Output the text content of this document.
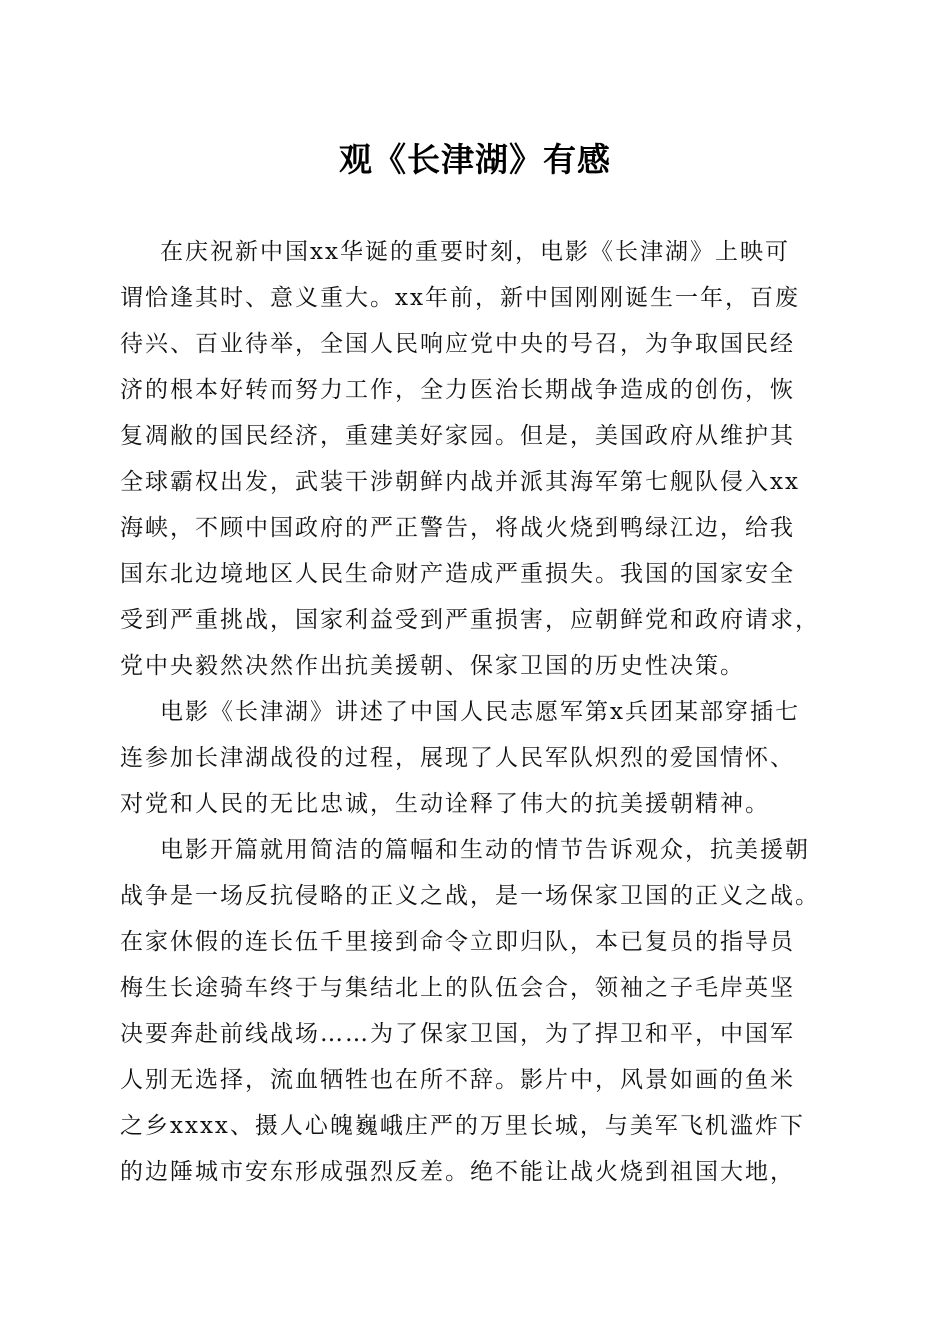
观《长津湖》有感
在庆祝新中国xx华诞的重要时刻，电影《长津湖》上映可
谓恰逢其时、意义重大。xx年前，新中国刚刚诞生一年，百废
待兴、百业待举，全国人民响应党中央的号召，为争取国民经
济的根本好转而努力工作，全力医治长期战争造成的创伤，恢
复凋敝的国民经济，重建美好家园。但是，美国政府从维护其
全球霸权出发，武装干涉朝鲜内战并派其海军第七舰队侵入xx
海峡，不顾中国政府的严正警告，将战火烧到鸭绿江边，给我
国东北边境地区人民生命财产造成严重损失。我国的国家安全
受到严重挑战，国家利益受到严重损害，应朝鲜党和政府请求，
党中央毅然决然作出抗美援朝、保家卫国的历史性决策。
电影《长津湖》讲述了中国人民志愿军第x兵团某部穿插七
连参加长津湖战役的过程，展现了人民军队炽烈的爱国情怀、
对党和人民的无比忠诚，生动诠释了伟大的抗美援朝精神。
电影开篇就用简洁的篇幅和生动的情节告诉观众，抗美援朝
战争是一场反抗侵略的正义之战，是一场保家卫国的正义之战。
在家休假的连长伍千里接到命令立即归队，本已复员的指导员
梅生长途骑车终于与集结北上的队伍会合，领袖之子毛岸英坚
决要奔赴前线战场……为了保家卫国，为了捍卫和平，中国军
人别无选择，流血牺牲也在所不辞。影片中，风景如画的鱼米
之乡xxxx、摄人心魄巍峨庄严的万里长城，与美军飞机滥炸下
的边陲城市安东形成强烈反差。绝不能让战火烧到祖国大地，
